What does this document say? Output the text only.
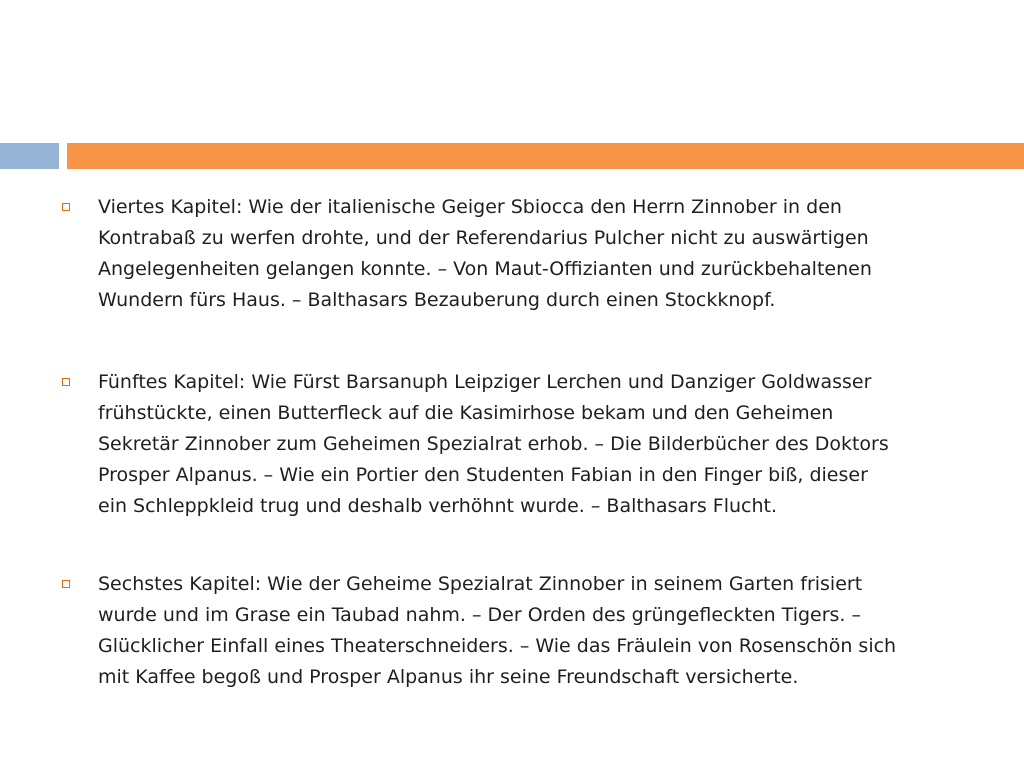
Viertes Kapitel: Wie der italienische Geiger Sbiocca den Herrn Zinnober in den
Kontrabaß zu werfen drohte, und der Referendarius Pulcher nicht zu auswärtigen
Angelegenheiten gelangen konnte. – Von Maut-Offizianten und zurückbehaltenen
Wundern fürs Haus. – Balthasars Bezauberung durch einen Stockknopf.

Fünftes Kapitel: Wie Fürst Barsanuph Leipziger Lerchen und Danziger Goldwasser
frühstückte, einen Butterfleck auf die Kasimirhose bekam und den Geheimen
Sekretär Zinnober zum Geheimen Spezialrat erhob. – Die Bilderbücher des Doktors
Prosper Alpanus. – Wie ein Portier den Studenten Fabian in den Finger biß, dieser
ein Schleppkleid trug und deshalb verhöhnt wurde. – Balthasars Flucht.

Sechstes Kapitel: Wie der Geheime Spezialrat Zinnober in seinem Garten frisiert
wurde und im Grase ein Taubad nahm. – Der Orden des grüngefleckten Tigers. –
Glücklicher Einfall eines Theaterschneiders. – Wie das Fräulein von Rosenschön sich
mit Kaffee begoß und Prosper Alpanus ihr seine Freundschaft versicherte.
